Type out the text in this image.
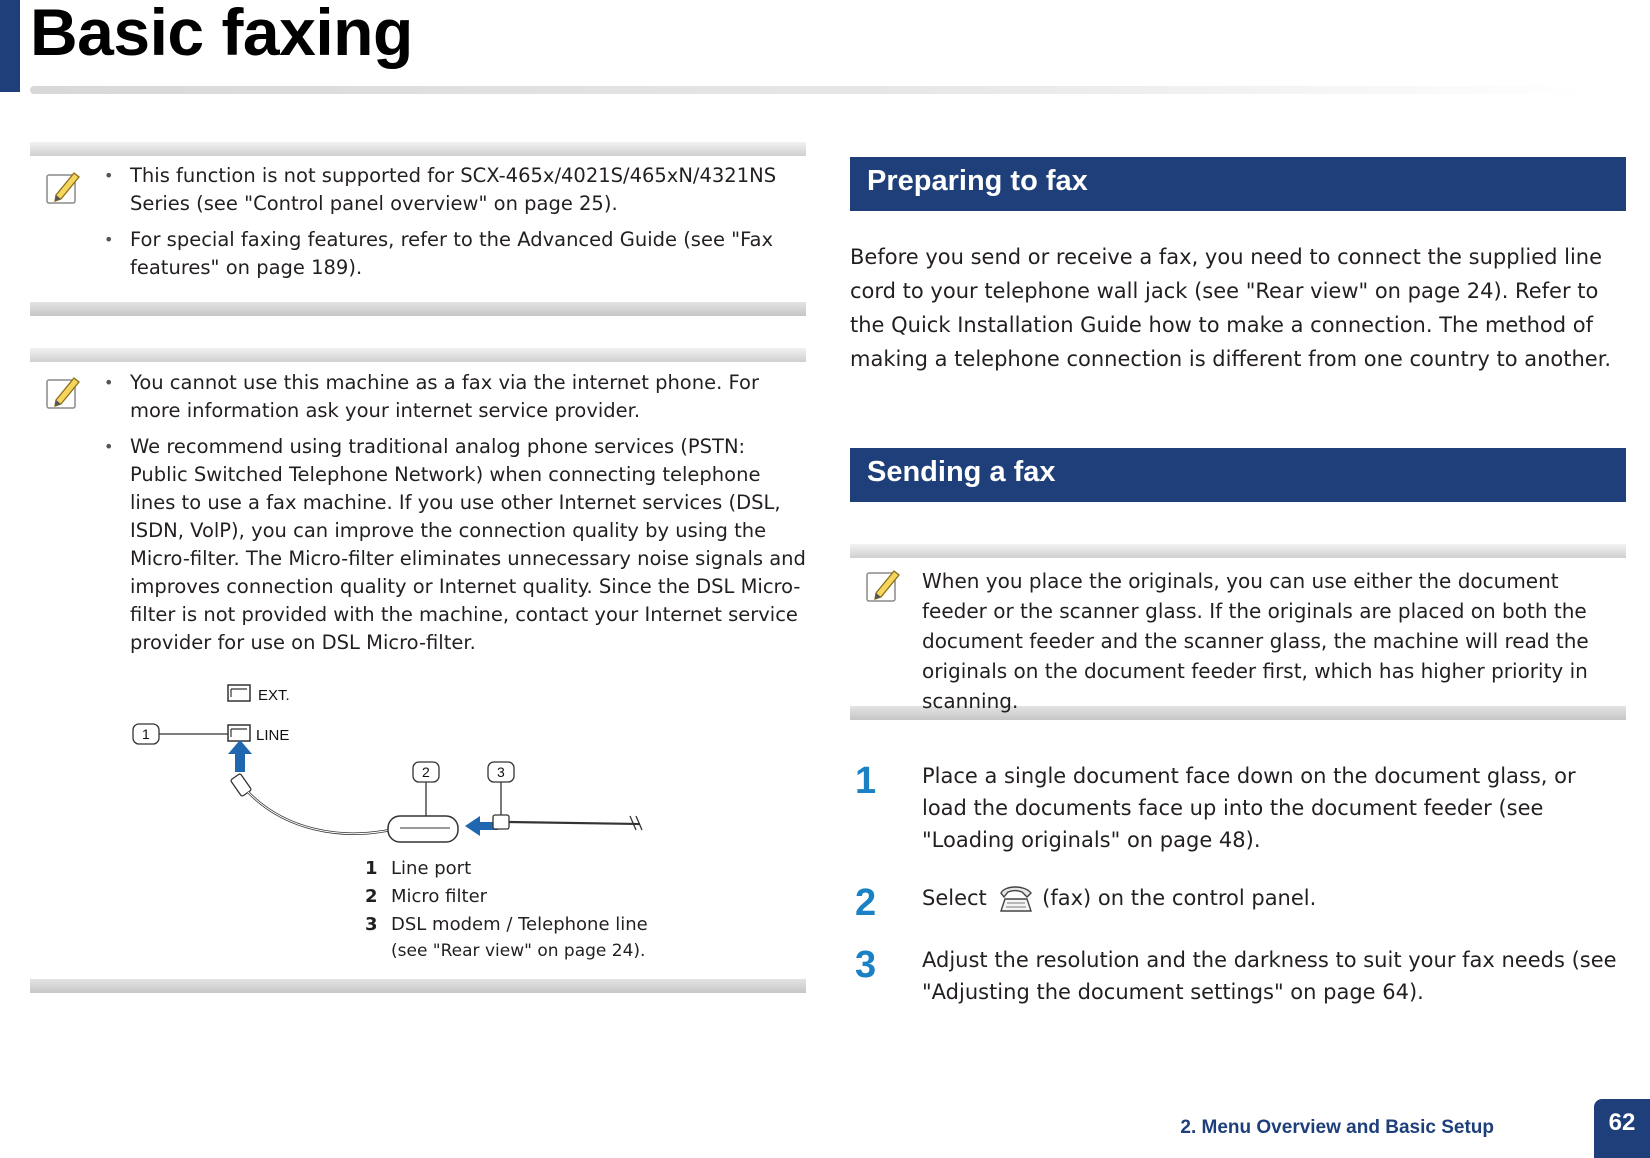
Basic faxing
• This function is not supported for SCX-465x/4021S/465xN/4321NS Series (see "Control panel overview" on page 25).
• For special faxing features, refer to the Advanced Guide (see "Fax features" on page 189).
• You cannot use this machine as a fax via the internet phone. For more information ask your internet service provider.
• We recommend using traditional analog phone services (PSTN: Public Switched Telephone Network) when connecting telephone lines to use a fax machine. If you use other Internet services (DSL, ISDN, VolP), you can improve the connection quality by using the Micro-filter. The Micro-filter eliminates unnecessary noise signals and improves connection quality or Internet quality. Since the DSL Micro-filter is not provided with the machine, contact your Internet service provider for use on DSL Micro-filter.
EXT.
LINE
1
2	3
1 Line port
2 Micro filter
3 DSL modem / Telephone line
(see "Rear view" on page 24).
Preparing to fax
Before you send or receive a fax, you need to connect the supplied line cord to your telephone wall jack (see "Rear view" on page 24). Refer to the Quick Installation Guide how to make a connection. The method of making a telephone connection is different from one country to another.
Sending a fax
When you place the originals, you can use either the document feeder or the scanner glass. If the originals are placed on both the document feeder and the scanner glass, the machine will read the originals on the document feeder first, which has higher priority in scanning.
1 Place a single document face down on the document glass, or load the documents face up into the document feeder (see "Loading originals" on page 48).
2 Select	(fax) on the control panel.
3 Adjust the resolution and the darkness to suit your fax needs (see "Adjusting the document settings" on page 64).
2. Menu Overview and Basic Setup	62
